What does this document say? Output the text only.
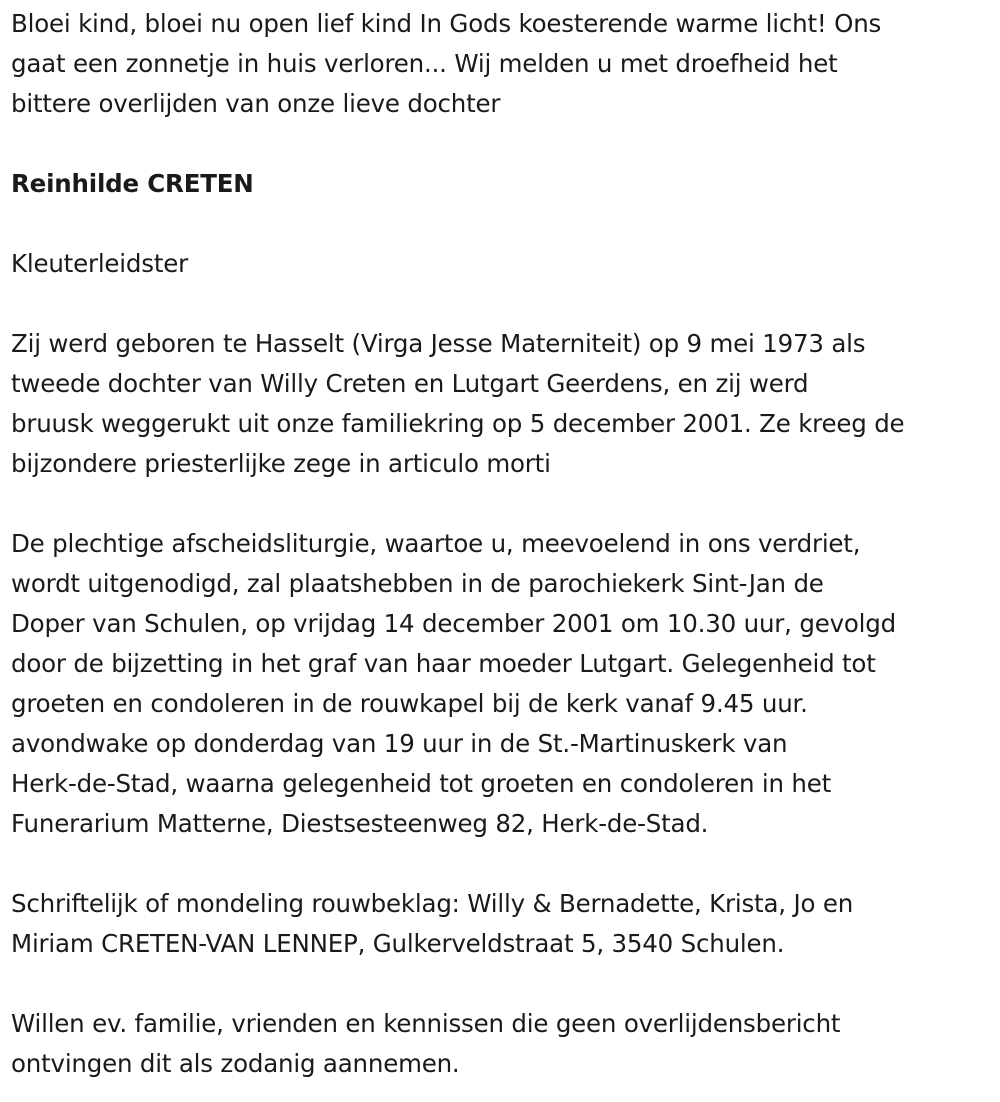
Bloei kind, bloei nu open lief kind In Gods koesterende warme licht! Ons
gaat een zonnetje in huis verloren... Wij melden u met droefheid het
bittere overlijden van onze lieve dochter

Reinhilde CRETEN

Kleuterleidster

Zij werd geboren te Hasselt (Virga Jesse Materniteit) op 9 mei 1973 als
tweede dochter van Willy Creten en Lutgart Geerdens, en zij werd
bruusk weggerukt uit onze familiekring op 5 december 2001. Ze kreeg de
bijzondere priesterlijke zege in articulo morti

De plechtige afscheidsliturgie, waartoe u, meevoelend in ons verdriet,
wordt uitgenodigd, zal plaatshebben in de parochiekerk Sint-Jan de
Doper van Schulen, op vrijdag 14 december 2001 om 10.30 uur, gevolgd
door de bijzetting in het graf van haar moeder Lutgart. Gelegenheid tot
groeten en condoleren in de rouwkapel bij de kerk vanaf 9.45 uur.
avondwake op donderdag van 19 uur in de St.-Martinuskerk van
Herk-de-Stad, waarna gelegenheid tot groeten en condoleren in het
Funerarium Matterne, Diestsesteenweg 82, Herk-de-Stad.

Schriftelijk of mondeling rouwbeklag: Willy & Bernadette, Krista, Jo en
Miriam CRETEN-VAN LENNEP, Gulkerveldstraat 5, 3540 Schulen.

Willen ev. familie, vrienden en kennissen die geen overlijdensbericht
ontvingen dit als zodanig aannemen.
